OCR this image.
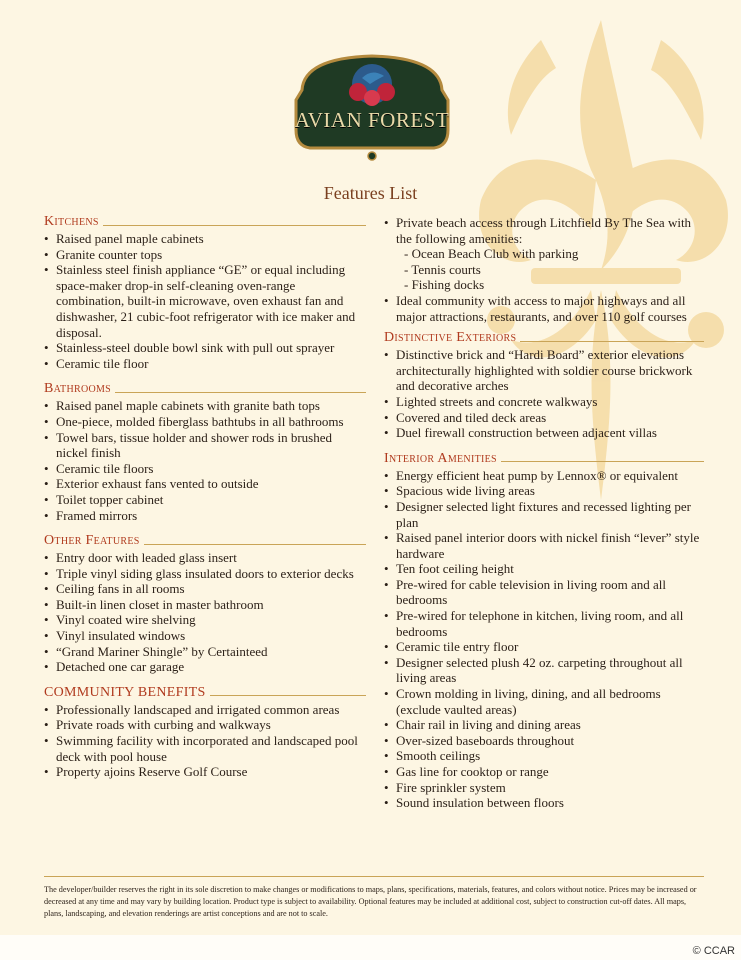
AVIAN FOREST
Features List
Kitchens
• Raised panel maple cabinets
• Granite counter tops
• Stainless steel finish appliance “GE” or equal including space-maker drop-in self-cleaning oven-range combination, built-in microwave, oven exhaust fan and dishwasher, 21 cubic-foot refrigerator with ice maker and disposal.
• Stainless-steel double bowl sink with pull out sprayer
• Ceramic tile floor
Bathrooms
• Raised panel maple cabinets with granite bath tops
• One-piece, molded fiberglass bathtubs in all bathrooms
• Towel bars, tissue holder and shower rods in brushed nickel finish
• Ceramic tile floors
• Exterior exhaust fans vented to outside
• Toilet topper cabinet
• Framed mirrors
Other Features
• Entry door with leaded glass insert
• Triple vinyl siding glass insulated doors to exterior decks
• Ceiling fans in all rooms
• Built-in linen closet in master bathroom
• Vinyl coated wire shelving
• Vinyl insulated windows
• “Grand Mariner Shingle” by Certainteed
• Detached one car garage
COMMUNITY BENEFITS
• Professionally landscaped and irrigated common areas
• Private roads with curbing and walkways
• Swimming facility with incorporated and landscaped pool deck with pool house
• Property ajoins Reserve Golf Course
• Private beach access through Litchfield By The Sea with the following amenities:
- Ocean Beach Club with parking
- Tennis courts
- Fishing docks
• Ideal community with access to major highways and all major attractions, restaurants, and over 110 golf courses
Distinctive Exteriors
• Distinctive brick and “Hardi Board” exterior elevations architecturally highlighted with soldier course brickwork and decorative arches
• Lighted streets and concrete walkways
• Covered and tiled deck areas
• Duel firewall construction between adjacent villas
Interior Amenities
• Energy efficient heat pump by Lennox® or equivalent
• Spacious wide living areas
• Designer selected light fixtures and recessed lighting per plan
• Raised panel interior doors with nickel finish “lever” style hardware
• Ten foot ceiling height
• Pre-wired for cable television in living room and all bedrooms
• Pre-wired for telephone in kitchen, living room, and all bedrooms
• Ceramic tile entry floor
• Designer selected plush 42 oz. carpeting throughout all living areas
• Crown molding in living, dining, and all bedrooms (exclude vaulted areas)
• Chair rail in living and dining areas
• Over-sized baseboards throughout
• Smooth ceilings
• Gas line for cooktop or range
• Fire sprinkler system
• Sound insulation between floors
The developer/builder reserves the right in its sole discretion to make changes or modifications to maps, plans, specifications, materials, features, and colors without notice. Prices may be increased or decreased at any time and may vary by building location. Product type is subject to availability. Optional features may be included at additional cost, subject to construction cut-off dates. All maps, plans, landscaping, and elevation renderings are artist conceptions and are not to scale.
© CCAR
